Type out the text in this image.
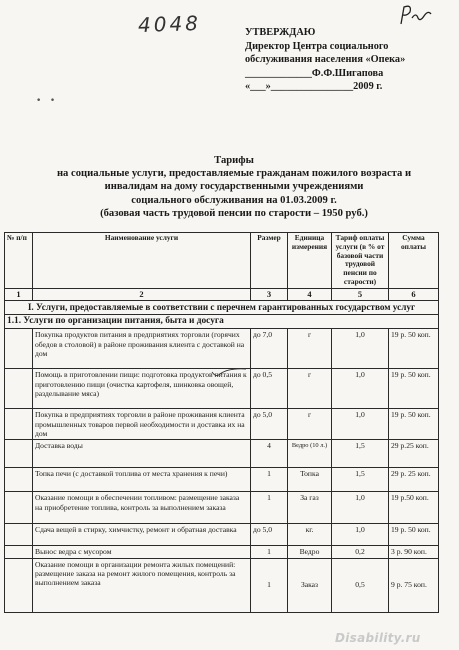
4048	УТВЕРЖДАЮ
Директор Центра социального
обслуживания населения «Опека»
_____________Ф.Ф.Шигапова
«___»________________2009 г.
•   •
Тарифы
на социальные услуги, предоставляемые гражданам пожилого возраста и
инвалидам на дому государственными учреждениями
социального обслуживания на 01.03.2009 г.
(базовая часть трудовой пенсии по старости – 1950 руб.)
№ п/п	Наименование услуги	Размер	Единица измерения	Тариф оплаты услуги (в % от базовой части трудовой пенсии по старости)	Сумма оплаты
1	2	3	4	5	6
I. Услуги, предоставляемые в соответствии с перечнем гарантированных государством услуг					
1.1. Услуги по организации питания, быта и досуга					
	Покупка продуктов питания в предприятиях торговли (горячих обедов в столовой) в районе проживания клиента с доставкой на дом	до 7,0	г	1,0	19 р. 50 коп.
	Помощь в приготовлении пищи: подготовка продуктов питания к приготовлению пищи (очистка картофеля, шинковка овощей, разделывание мяса)	до 0,5	г	1,0	19 р. 50 коп.
	Покупка в предприятиях торговли в районе проживания клиента промышленных товаров первой необходимости и доставка их на дом	до 5,0	г	1,0	19 р. 50 коп.
	Доставка воды	4	Ведро (10 л.)	1,5	29 р.25 коп.
	Топка печи (с доставкой топлива от места хранения к печи)	1	Топка	1,5	29 р. 25 коп.
	Оказание помощи в обеспечении топливом: размещение заказа на приобретение топлива, контроль за выполнением заказа	1	За газ	1,0	19 р.50 коп.
	Сдача вещей в стирку, химчистку, ремонт и обратная доставка	до 5,0	кг.	1,0	19 р. 50 коп.
	Вынос ведра с мусором	1	Ведро	0,2	3 р. 90 коп.
	Оказание помощи в организации ремонта жилых помещений: размещение заказа на ремонт жилого помещения, контроль за выполнением заказа	1	Заказ	0,5	9 р. 75 коп.
Disability.ru
